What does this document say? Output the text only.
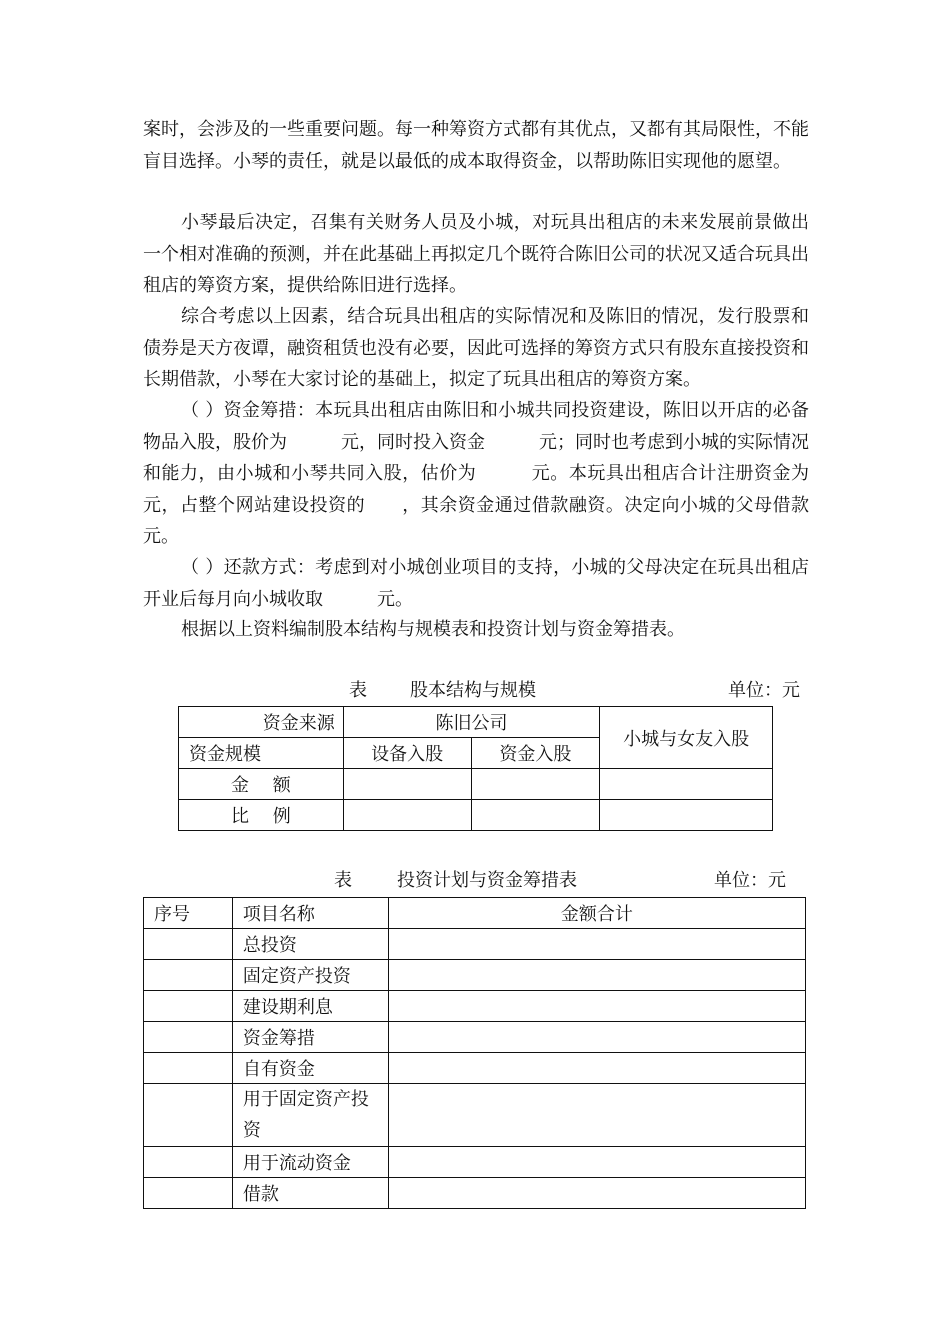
案时，会涉及的一些重要问题。每一种筹资方式都有其优点，又都有其局限性，不能盲目选择。小琴的责任，就是以最低的成本取得资金，以帮助陈旧实现他的愿望。
小琴最后决定，召集有关财务人员及小城，对玩具出租店的未来发展前景做出一个相对准确的预测，并在此基础上再拟定几个既符合陈旧公司的状况又适合玩具出租店的筹资方案，提供给陈旧进行选择。
综合考虑以上因素，结合玩具出租店的实际情况和及陈旧的情况，发行股票和债券是天方夜谭，融资租赁也没有必要，因此可选择的筹资方式只有股东直接投资和长期借款，小琴在大家讨论的基础上，拟定了玩具出租店的筹资方案。
（ ）资金筹措：本玩具出租店由陈旧和小城共同投资建设，陈旧以开店的必备物品入股，股价为　　　元，同时投入资金　　　元；同时也考虑到小城的实际情况和能力，由小城和小琴共同入股，估价为　　　元。本玩具出租店合计注册资金为　　　元，占整个网站建设投资的　　，其余资金通过借款融资。决定向小城的父母借款　　　元。
（ ）还款方式：考虑到对小城创业项目的支持，小城的父母决定在玩具出租店开业后每月向小城收取　　　元。
根据以上资料编制股本结构与规模表和投资计划与资金筹措表。
表 股本结构与规模	单位：元
资金来源	陈旧公司		小城与女友入股
资金规模	设备入股	资金入股	
金　 额			
比　 例			
表	投资计划与资金筹措表	单位：元
序号	项目名称	金额合计
	总投资	
	固定资产投资	
	建设期利息	
	资金筹措	
	自有资金	
	用于固定资产投资	
	用于流动资金	
	借款	
